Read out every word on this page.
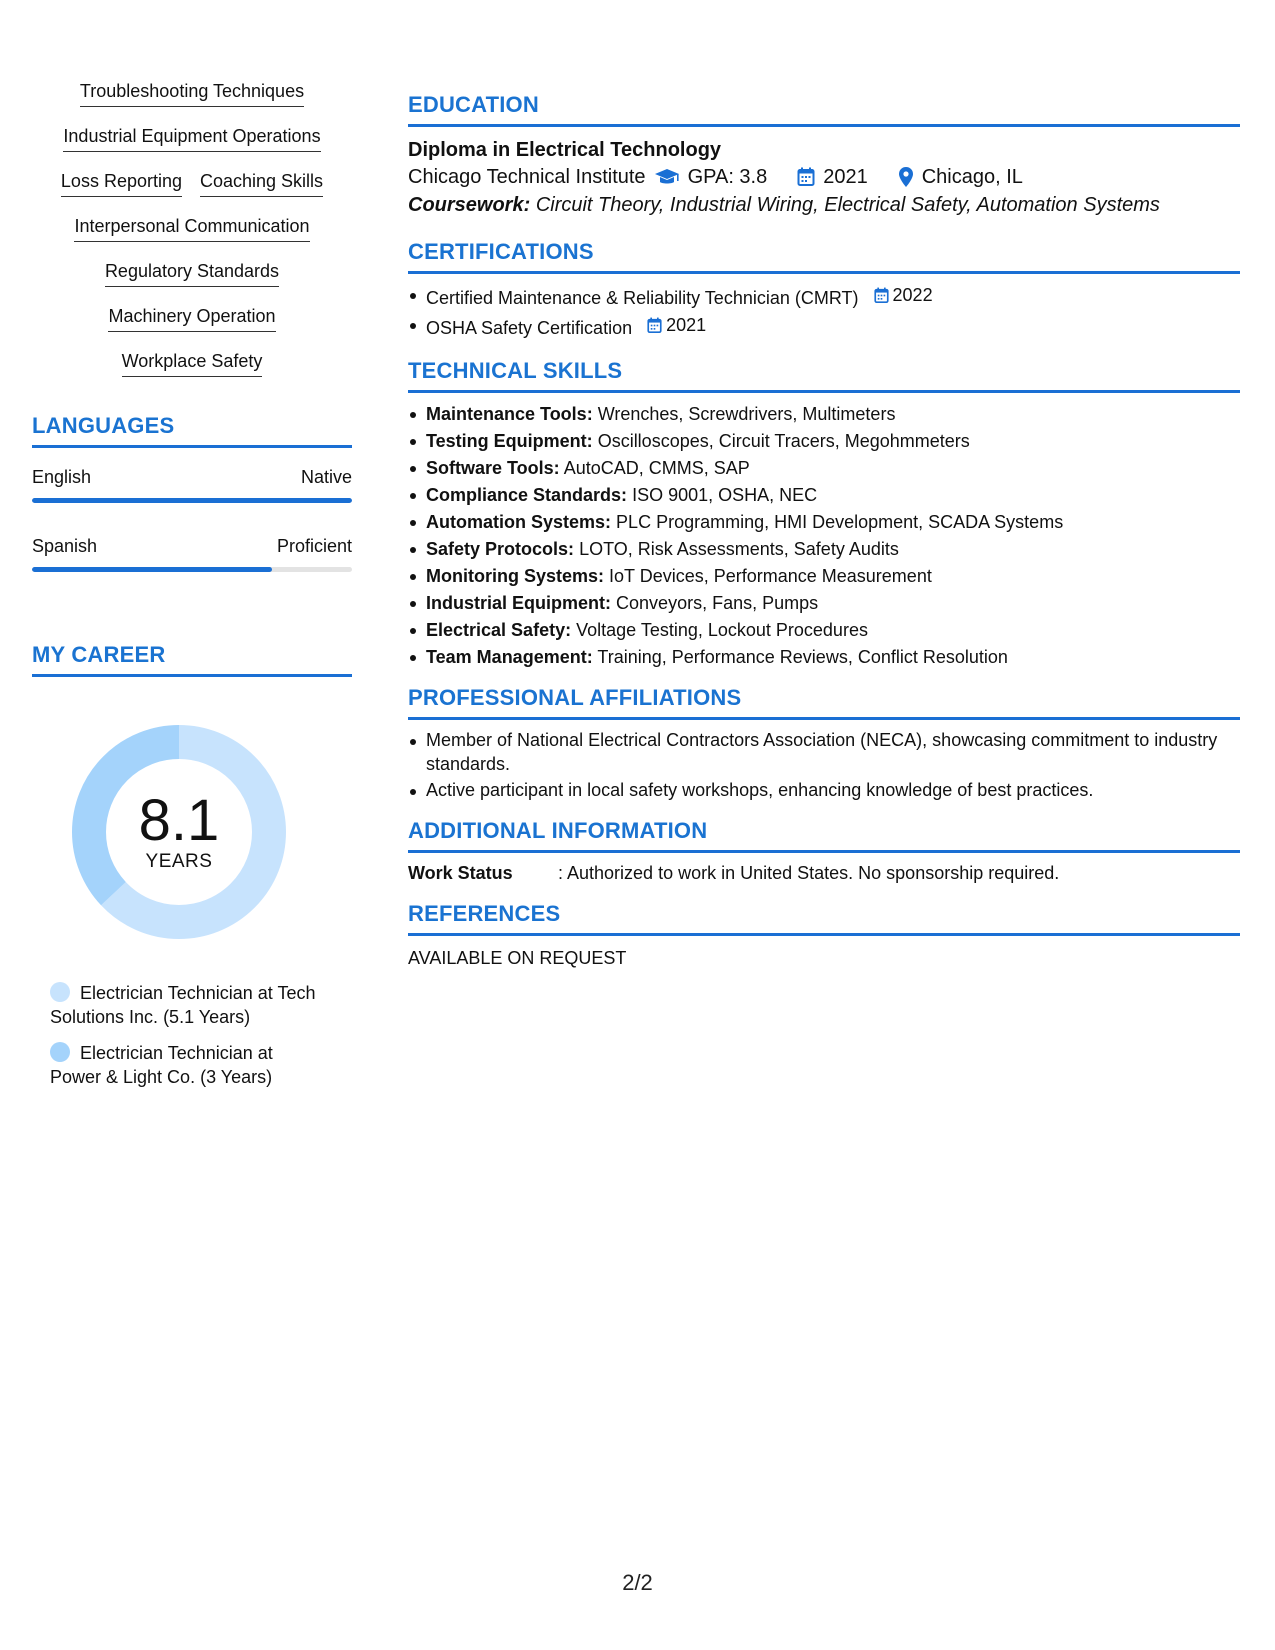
Troubleshooting Techniques
Industrial Equipment Operations
Loss Reporting Coaching Skills
Interpersonal Communication
Regulatory Standards
Machinery Operation
Workplace Safety
LANGUAGES
English	Native
Spanish	Proficient
MY CAREER
8.1
YEARS
Electrician Technician at Tech Solutions Inc. (5.1 Years)
Electrician Technician at Power & Light Co. (3 Years)
EDUCATION
Diploma in Electrical Technology
Chicago Technical Institute GPA: 3.8	2021	Chicago, IL
Coursework: Circuit Theory, Industrial Wiring, Electrical Safety, Automation Systems
CERTIFICATIONS
Certified Maintenance & Reliability Technician (CMRT) 2022
OSHA Safety Certification 2021
TECHNICAL SKILLS
Maintenance Tools: Wrenches, Screwdrivers, Multimeters
Testing Equipment: Oscilloscopes, Circuit Tracers, Megohmmeters
Software Tools: AutoCAD, CMMS, SAP
Compliance Standards: ISO 9001, OSHA, NEC
Automation Systems: PLC Programming, HMI Development, SCADA Systems
Safety Protocols: LOTO, Risk Assessments, Safety Audits
Monitoring Systems: IoT Devices, Performance Measurement
Industrial Equipment: Conveyors, Fans, Pumps
Electrical Safety: Voltage Testing, Lockout Procedures
Team Management: Training, Performance Reviews, Conflict Resolution
PROFESSIONAL AFFILIATIONS
Member of National Electrical Contractors Association (NECA), showcasing commitment to industry standards.
Active participant in local safety workshops, enhancing knowledge of best practices.
ADDITIONAL INFORMATION
Work Status	: Authorized to work in United States. No sponsorship required.
REFERENCES
AVAILABLE ON REQUEST
2/2
